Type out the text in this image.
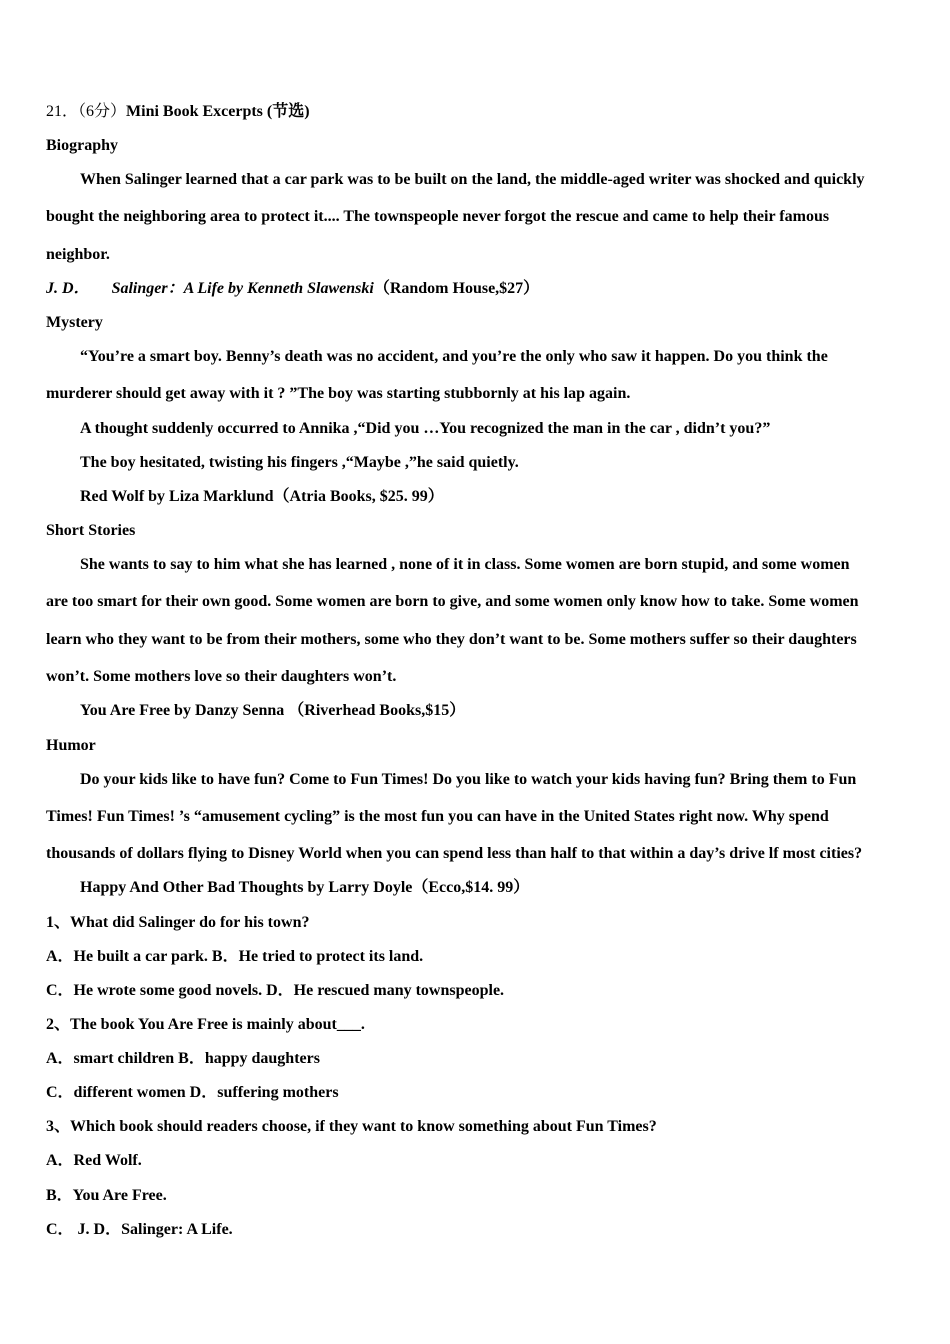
21．（6分）Mini Book Excerpts (节选)
Biography
When Salinger learned that a car park was to be built on the land, the middle-aged writer was shocked and quickly
bought the neighboring area to protect it.... The townspeople never forgot the rescue and came to help their famous
neighbor.
J. D． Salinger：A Life by Kenneth Slawenski（Random House,$27）
Mystery
“You’re a smart boy. Benny’s death was no accident, and you’re the only who saw it happen. Do you think the
murderer should get away with it ? ”The boy was starting stubbornly at his lap again.
A thought suddenly occurred to Annika ,“Did you …You recognized the man in the car , didn’t you?”
The boy hesitated, twisting his fingers ,“Maybe ,”he said quietly.
Red Wolf by Liza Marklund（Atria Books, $25. 99）
Short Stories
She wants to say to him what she has learned , none of it in class. Some women are born stupid, and some women
are too smart for their own good. Some women are born to give, and some women only know how to take. Some women
learn who they want to be from their mothers, some who they don’t want to be. Some mothers suffer so their daughters
won’t. Some mothers love so their daughters won’t.
You Are Free by Danzy Senna （Riverhead Books,$15）
Humor
Do your kids like to have fun? Come to Fun Times! Do you like to watch your kids having fun? Bring them to Fun
Times! Fun Times! ’s “amusement cycling” is the most fun you can have in the United States right now. Why spend
thousands of dollars flying to Disney World when you can spend less than half to that within a day’s drive lf most cities?
Happy And Other Bad Thoughts by Larry Doyle（Ecco,$14. 99）
1、What did Salinger do for his town?
A．He built a car park. B．He tried to protect its land.
C．He wrote some good novels. D．He rescued many townspeople.
2、The book You Are Free is mainly about___.
A．smart children B．happy daughters
C．different women D．suffering mothers
3、Which book should readers choose, if they want to know something about Fun Times?
A．Red Wolf.
B．You Are Free.
C． J. D．Salinger: A Life.
